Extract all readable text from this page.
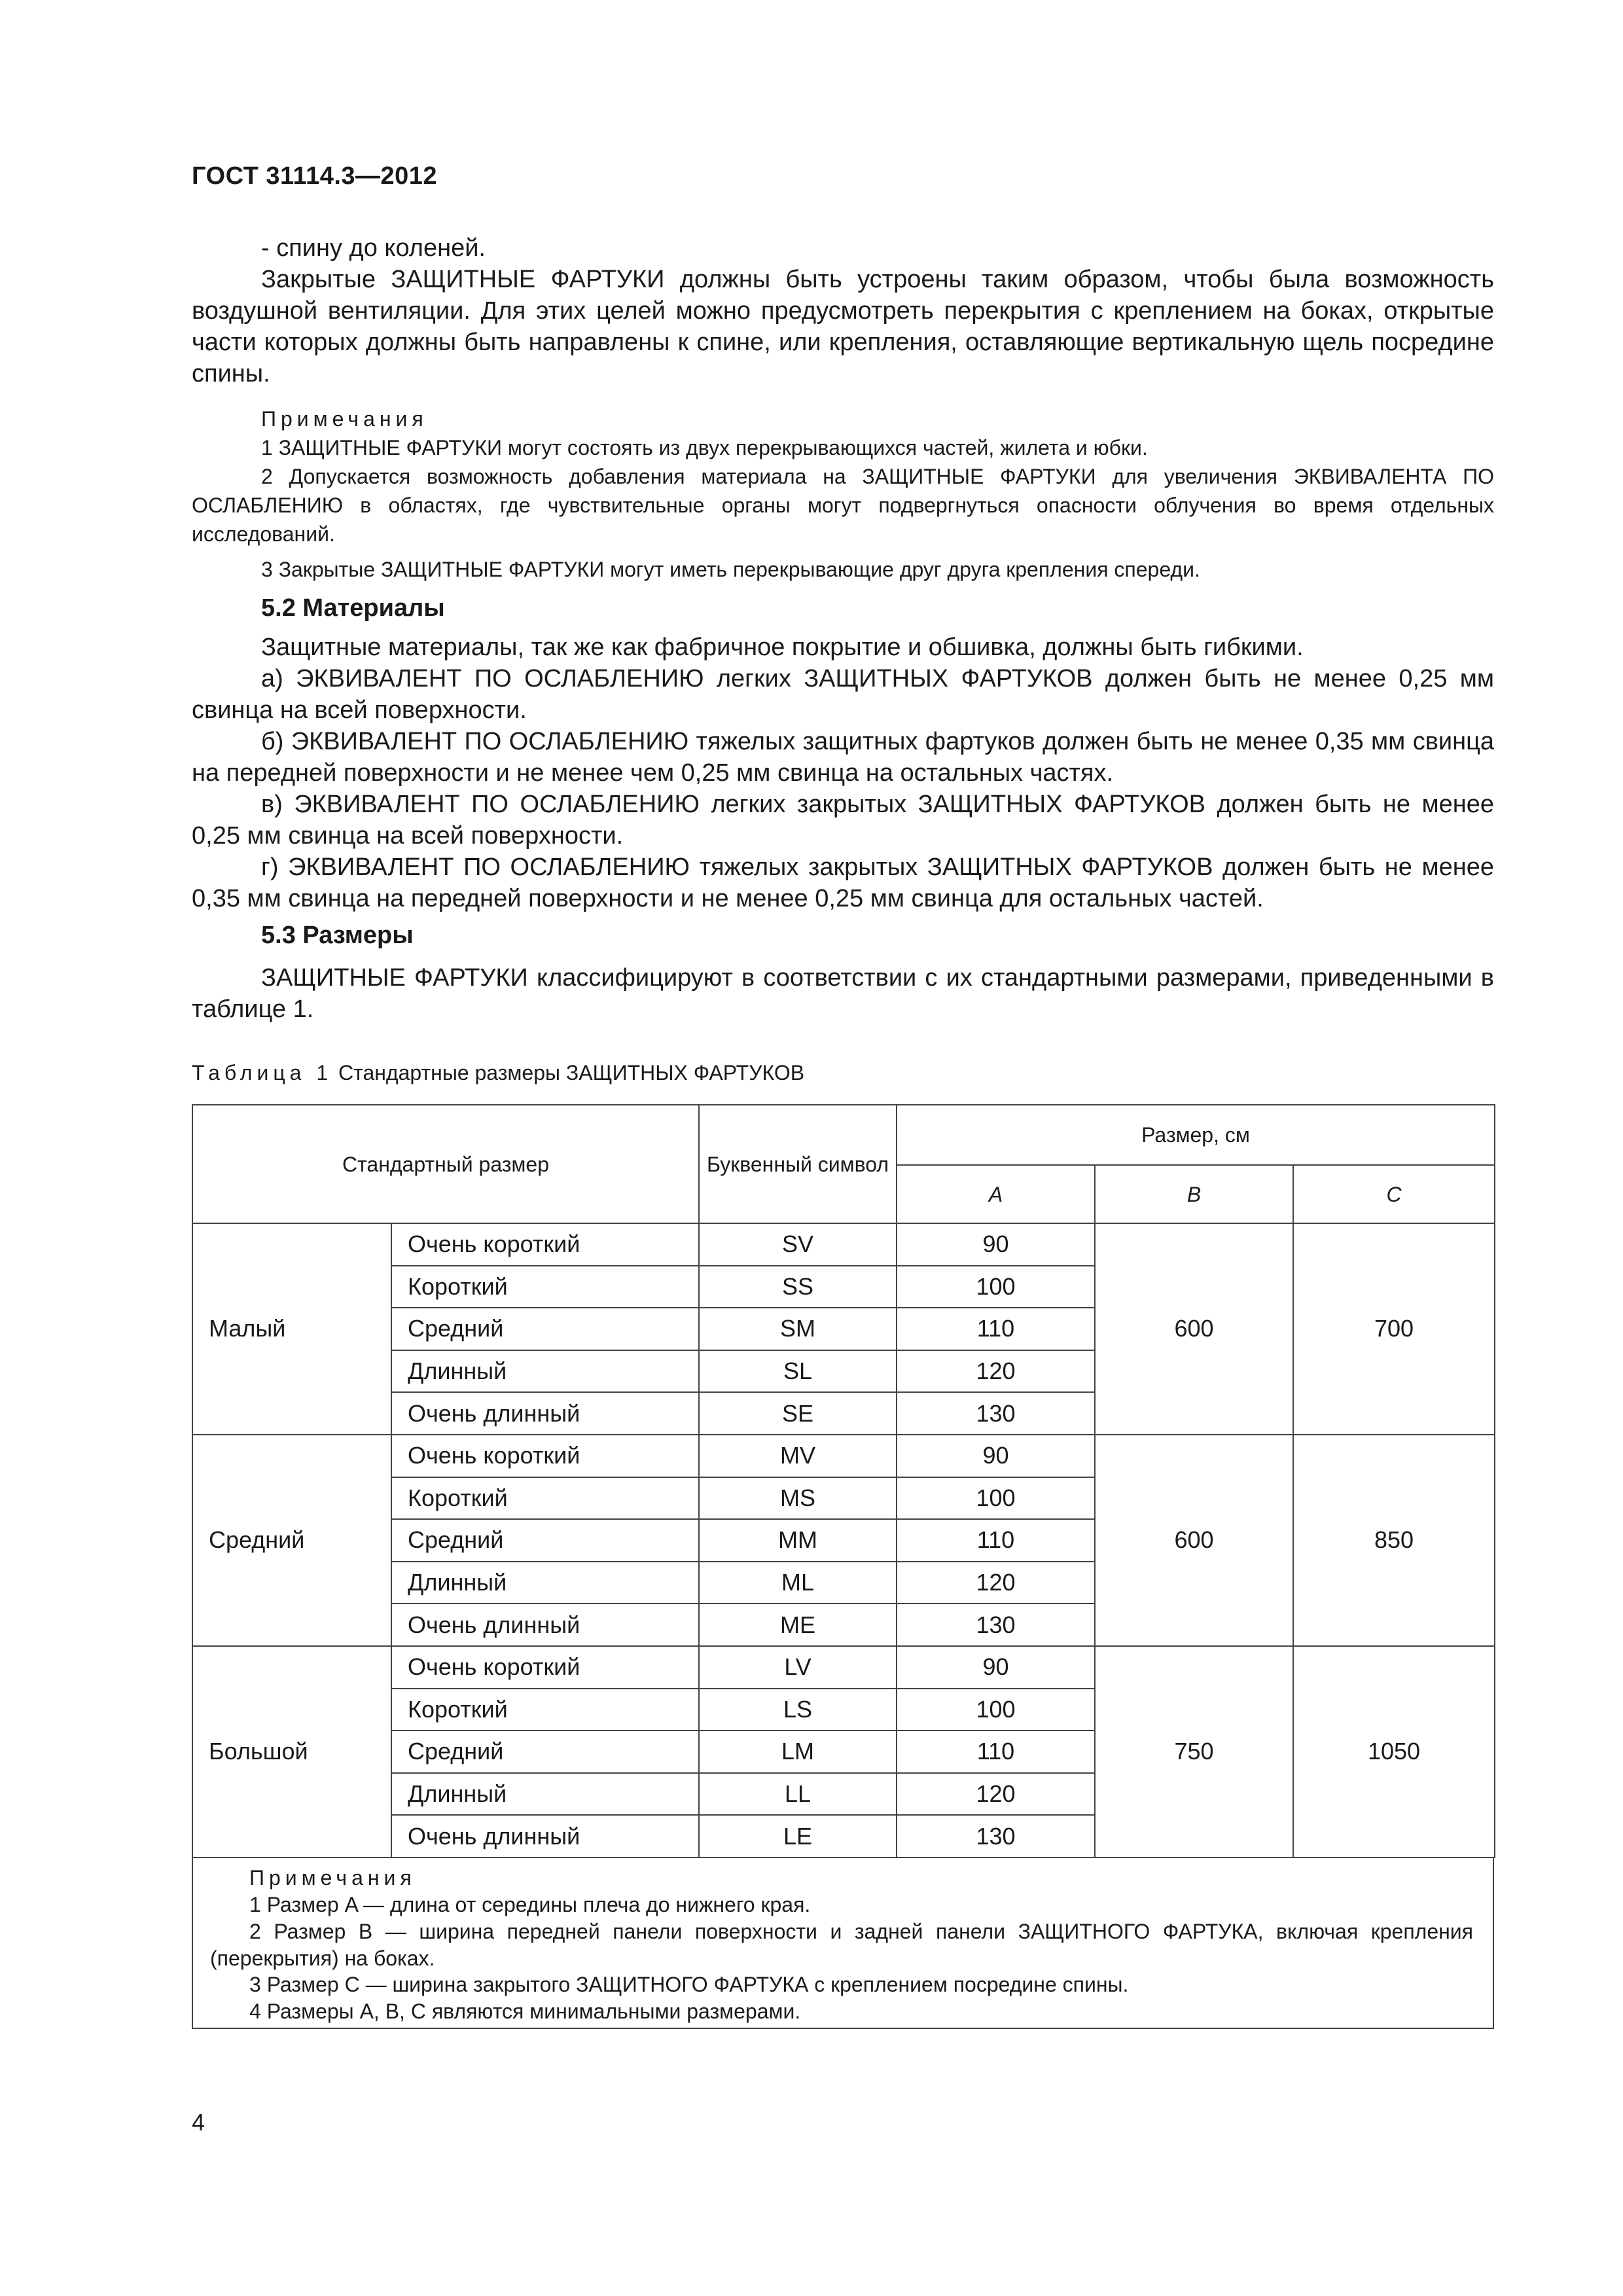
ГОСТ 31114.3—2012
- спину до коленей.
Закрытые ЗАЩИТНЫЕ ФАРТУКИ должны быть устроены таким образом, чтобы была возможность воздушной вентиляции. Для этих целей можно предусмотреть перекрытия с креплением на боках, открытые части которых должны быть направлены к спине, или крепления, оставляющие вертикальную щель посредине спины.
Примечания
1 ЗАЩИТНЫЕ ФАРТУКИ могут состоять из двух перекрывающихся частей, жилета и юбки.
2 Допускается возможность добавления материала на ЗАЩИТНЫЕ ФАРТУКИ для увеличения ЭКВИВАЛЕНТА ПО ОСЛАБЛЕНИЮ в областях, где чувствительные органы могут подвергнуться опасности облучения во время отдельных исследований.
3 Закрытые ЗАЩИТНЫЕ ФАРТУКИ могут иметь перекрывающие друг друга крепления спереди.
5.2 Материалы
Защитные материалы, так же как фабричное покрытие и обшивка, должны быть гибкими.
а) ЭКВИВАЛЕНТ ПО ОСЛАБЛЕНИЮ легких ЗАЩИТНЫХ ФАРТУКОВ должен быть не менее 0,25 мм свинца на всей поверхности.
б) ЭКВИВАЛЕНТ ПО ОСЛАБЛЕНИЮ тяжелых защитных фартуков должен быть не менее 0,35 мм свинца на передней поверхности и не менее чем 0,25 мм свинца на остальных частях.
в) ЭКВИВАЛЕНТ ПО ОСЛАБЛЕНИЮ легких закрытых ЗАЩИТНЫХ ФАРТУКОВ должен быть не менее 0,25 мм свинца на всей поверхности.
г) ЭКВИВАЛЕНТ ПО ОСЛАБЛЕНИЮ тяжелых закрытых ЗАЩИТНЫХ ФАРТУКОВ должен быть не менее 0,35 мм свинца на передней поверхности и не менее 0,25 мм свинца для остальных частей.
5.3 Размеры
ЗАЩИТНЫЕ ФАРТУКИ классифицируют в соответствии с их стандартными размерами, приведенными в таблице 1.
Таблица 1 Стандартные размеры ЗАЩИТНЫХ ФАРТУКОВ
Стандартный размер		Буквенный символ	Размер, см		
			A	B	C
Малый	Очень короткий	SV	90	600	700
	Короткий	SS	100		
	Средний	SM	110		
	Длинный	SL	120		
	Очень длинный	SE	130		
Средний	Очень короткий	MV	90	600	850
	Короткий	MS	100		
	Средний	MM	110		
	Длинный	ML	120		
	Очень длинный	ME	130		
Большой	Очень короткий	LV	90	750	1050
	Короткий	LS	100		
	Средний	LM	110		
	Длинный	LL	120		
	Очень длинный	LE	130		
Примечания
1 Размер A — длина от середины плеча до нижнего края.
2 Размер B — ширина передней панели поверхности и задней панели ЗАЩИТНОГО ФАРТУКА, включая крепления (перекрытия) на боках.
3 Размер C — ширина закрытого ЗАЩИТНОГО ФАРТУКА с креплением посредине спины.
4 Размеры A, B, C являются минимальными размерами.
4
